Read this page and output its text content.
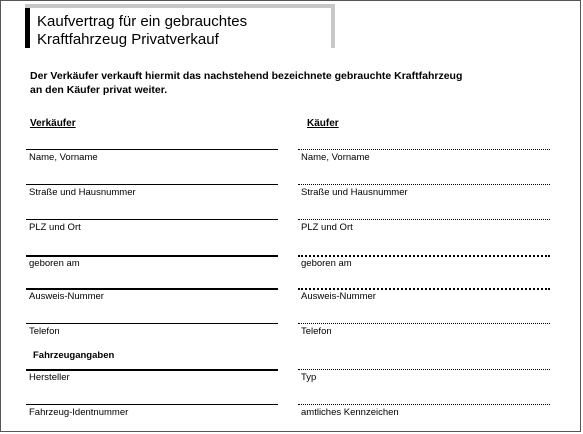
Kaufvertrag für ein gebrauchtes
Kraftfahrzeug Privatverkauf
Der Verkäufer verkauft hiermit das nachstehend bezeichnete gebrauchte Kraftfahrzeug
an den Käufer privat weiter.
Verkäufer	Käufer
Name, Vorname
Straße und Hausnummer
PLZ und Ort
geboren am
Ausweis-Nummer
Telefon
Name, Vorname
Straße und Hausnummer
PLZ und Ort
geboren am
Ausweis-Nummer
Telefon
Fahrzeugangaben
Hersteller
Fahrzeug-Identnummer
Typ
amtliches Kennzeichen
